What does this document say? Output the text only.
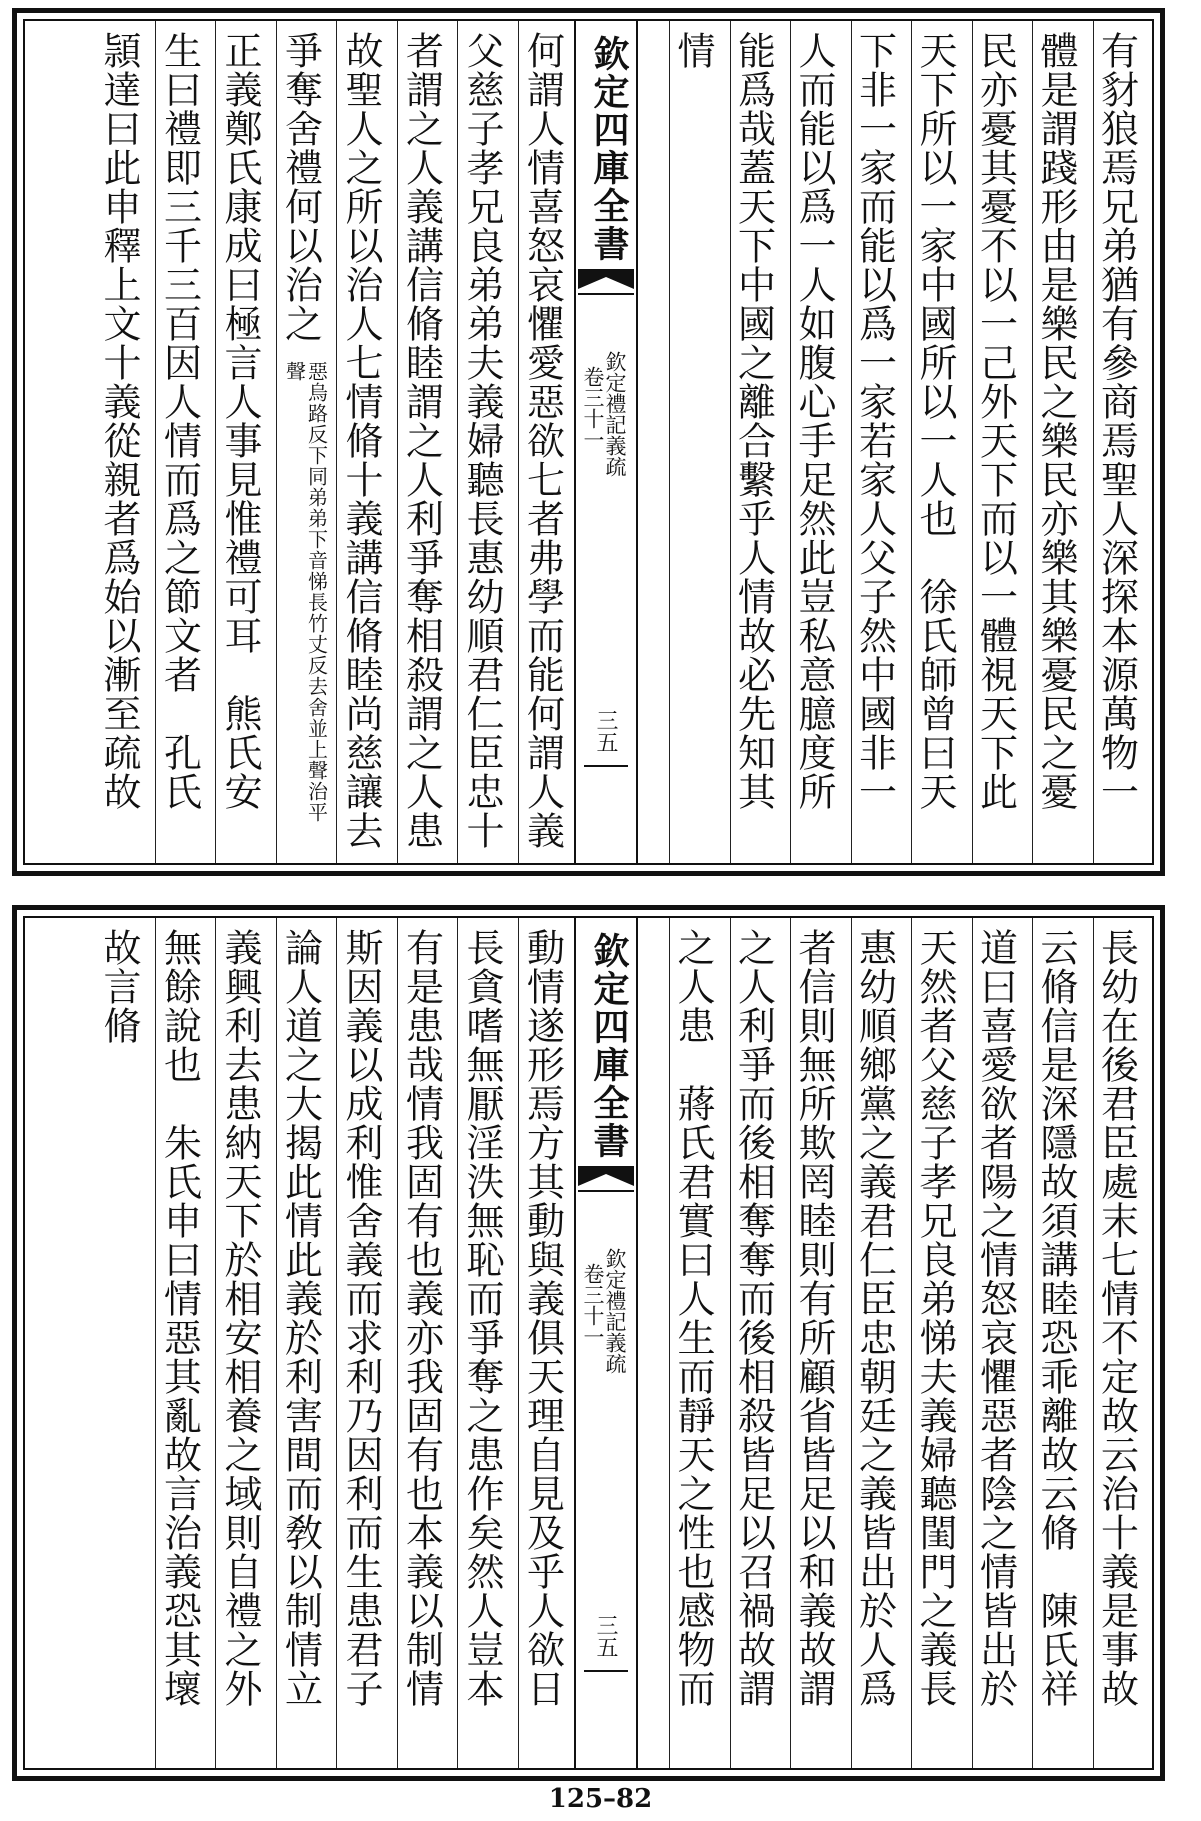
欽定四庫全書
欽定禮記義疏
卷三十一
三五	有豺狼焉兄弟猶有參商焉聖人深探本源萬物一
體是謂踐形由是樂民之樂民亦樂其樂憂民之憂
民亦憂其憂不以一己外天下而以一體視天下此
天下所以一家中國所以一人也　徐氏師曾曰天
下非一家而能以爲一家若家人父子然中國非一
人而能以爲一人如腹心手足然此豈私意臆度所
能爲哉蓋天下中國之離合繫乎人情故必先知其
情
何謂人情喜怒哀懼愛惡欲七者弗學而能何謂人義
父慈子孝兄良弟弟夫義婦聽長惠幼順君仁臣忠十
者謂之人義講信脩睦謂之人利爭奪相殺謂之人患
故聖人之所以治人七情脩十義講信脩睦尚慈讓去
爭奪舍禮何以治之
正義鄭氏康成曰極言人事見惟禮可耳　熊氏安
生曰禮即三千三百因人情而爲之節文者　孔氏
頴達曰此申釋上文十義從親者爲始以漸至疏故	惡烏路反下同弟弟下音悌長竹丈反去舍並上聲治平聲
欽定四庫全書
欽定禮記義疏
卷三十一
三五	長幼在後君臣處末七情不定故云治十義是事故
云脩信是深隱故須講睦恐乖離故云脩　陳氏祥
道曰喜愛欲者陽之情怒哀懼惡者陰之情皆出於
天然者父慈子孝兄良弟悌夫義婦聽閨門之義長
惠幼順鄉黨之義君仁臣忠朝廷之義皆出於人爲
者信則無所欺罔睦則有所顧省皆足以和義故謂
之人利爭而後相奪奪而後相殺皆足以召禍故謂
之人患　蔣氏君實曰人生而靜天之性也感物而
動情遂形焉方其動與義俱天理自見及乎人欲日
長貪嗜無厭淫泆無恥而爭奪之患作矣然人豈本
有是患哉情我固有也義亦我固有也本義以制情
斯因義以成利惟舍義而求利乃因利而生患君子
論人道之大揭此情此義於利害間而敎以制情立
義興利去患納天下於相安相養之域則自禮之外
無餘說也　朱氏申曰情惡其亂故言治義恐其壞
故言脩
125–82
